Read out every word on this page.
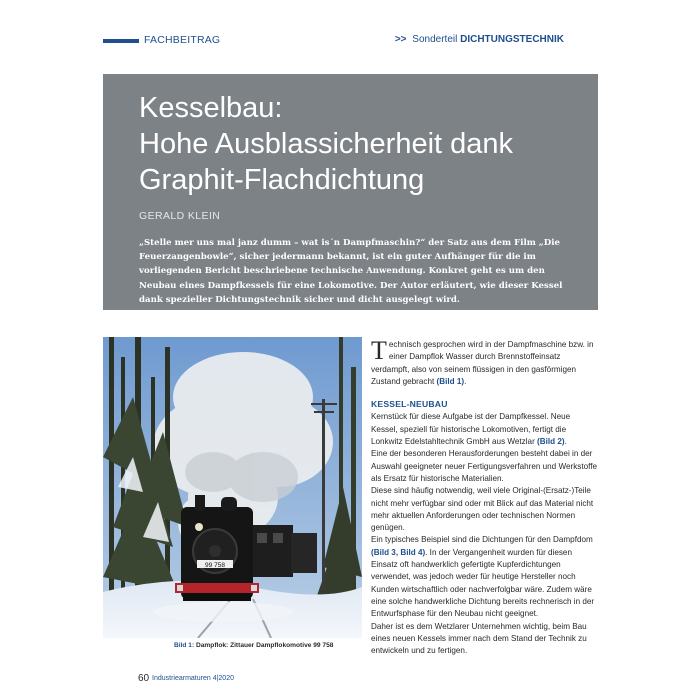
FACHBEITRAG	>> Sonderteil DICHTUNGSTECHNIK
Kesselbau:
Hohe Ausblassicherheit dank
Graphit-Flachdichtung
GERALD KLEIN
„Stelle mer uns mal janz dumm – wat is´n Dampfmaschin?“ der Satz aus dem Film „Die Feuerzangenbowle“, sicher jedermann bekannt, ist ein guter Aufhänger für die im vorliegenden Bericht beschriebene technische Anwendung. Konkret geht es um den Neubau eines Dampfkessels für eine Lokomotive. Der Autor erläutert, wie dieser Kessel dank spezieller Dichtungstechnik sicher und dicht ausgelegt wird.
99 758
Bild 1: Dampflok: Zittauer Dampflokomotive 99 758

Technisch gesprochen wird in der Dampfmaschine bzw. in einer Dampflok Wasser durch Brennstoffeinsatz verdampft, also von seinem flüssigen in den gasförmigen Zustand gebracht (Bild 1).

KESSEL-NEUBAU

Kernstück für diese Aufgabe ist der Dampfkessel. Neue Kessel, speziell für historische Lokomotiven, fertigt die Lonkwitz Edelstahltechnik GmbH aus Wetzlar (Bild 2).

Eine der besonderen Herausforderungen besteht dabei in der Auswahl geeigneter neuer Fertigungsverfahren und Werkstoffe als Ersatz für historische Materialien.

Diese sind häufig notwendig, weil viele Original-(Ersatz-)Teile nicht mehr verfügbar sind oder mit Blick auf das Material nicht mehr aktuellen Anforderungen oder technischen Normen genügen.

Ein typisches Beispiel sind die Dichtungen für den Dampfdom (Bild 3, Bild 4). In der Vergangenheit wurden für diesen Einsatz oft handwerklich gefertigte Kupferdichtungen verwendet, was jedoch weder für heutige Hersteller noch Kunden wirtschaftlich oder nachverfolgbar wäre. Zudem wäre eine solche handwerkliche Dichtung bereits rechnerisch in der Entwurfsphase für den Neubau nicht geeignet.

Daher ist es dem Wetzlarer Unternehmen wichtig, beim Bau eines neuen Kessels immer nach dem Stand der Technik zu entwickeln und zu fertigen.

60 Industriearmaturen 4|2020
